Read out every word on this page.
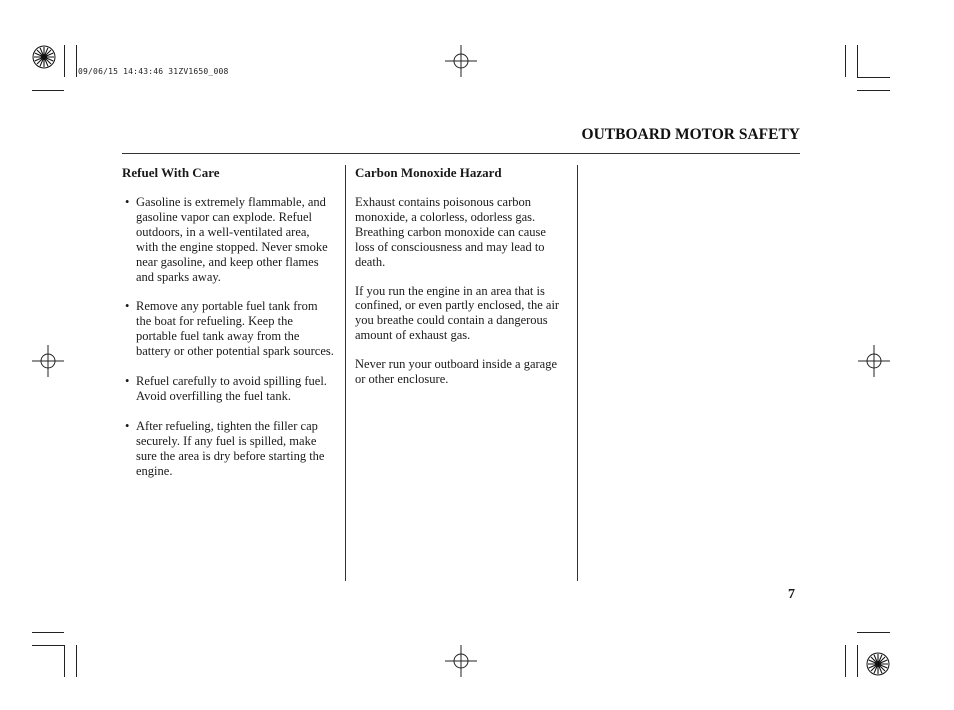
09/06/15 14:43:46 31ZV1650_008
OUTBOARD MOTOR SAFETY
Refuel With Care
• Gasoline is extremely flammable, and gasoline vapor can explode. Refuel outdoors, in a well-ventilated area, with the engine stopped. Never smoke near gasoline, and keep other flames and sparks away.
• Remove any portable fuel tank from the boat for refueling. Keep the portable fuel tank away from the battery or other potential spark sources.
• Refuel carefully to avoid spilling fuel. Avoid overfilling the fuel tank.
• After refueling, tighten the filler cap securely. If any fuel is spilled, make sure the area is dry before starting the engine.
Carbon Monoxide Hazard

Exhaust contains poisonous carbon monoxide, a colorless, odorless gas. Breathing carbon monoxide can cause loss of consciousness and may lead to death.

If you run the engine in an area that is confined, or even partly enclosed, the air you breathe could contain a dangerous amount of exhaust gas.

Never run your outboard inside a garage or other enclosure.

7
